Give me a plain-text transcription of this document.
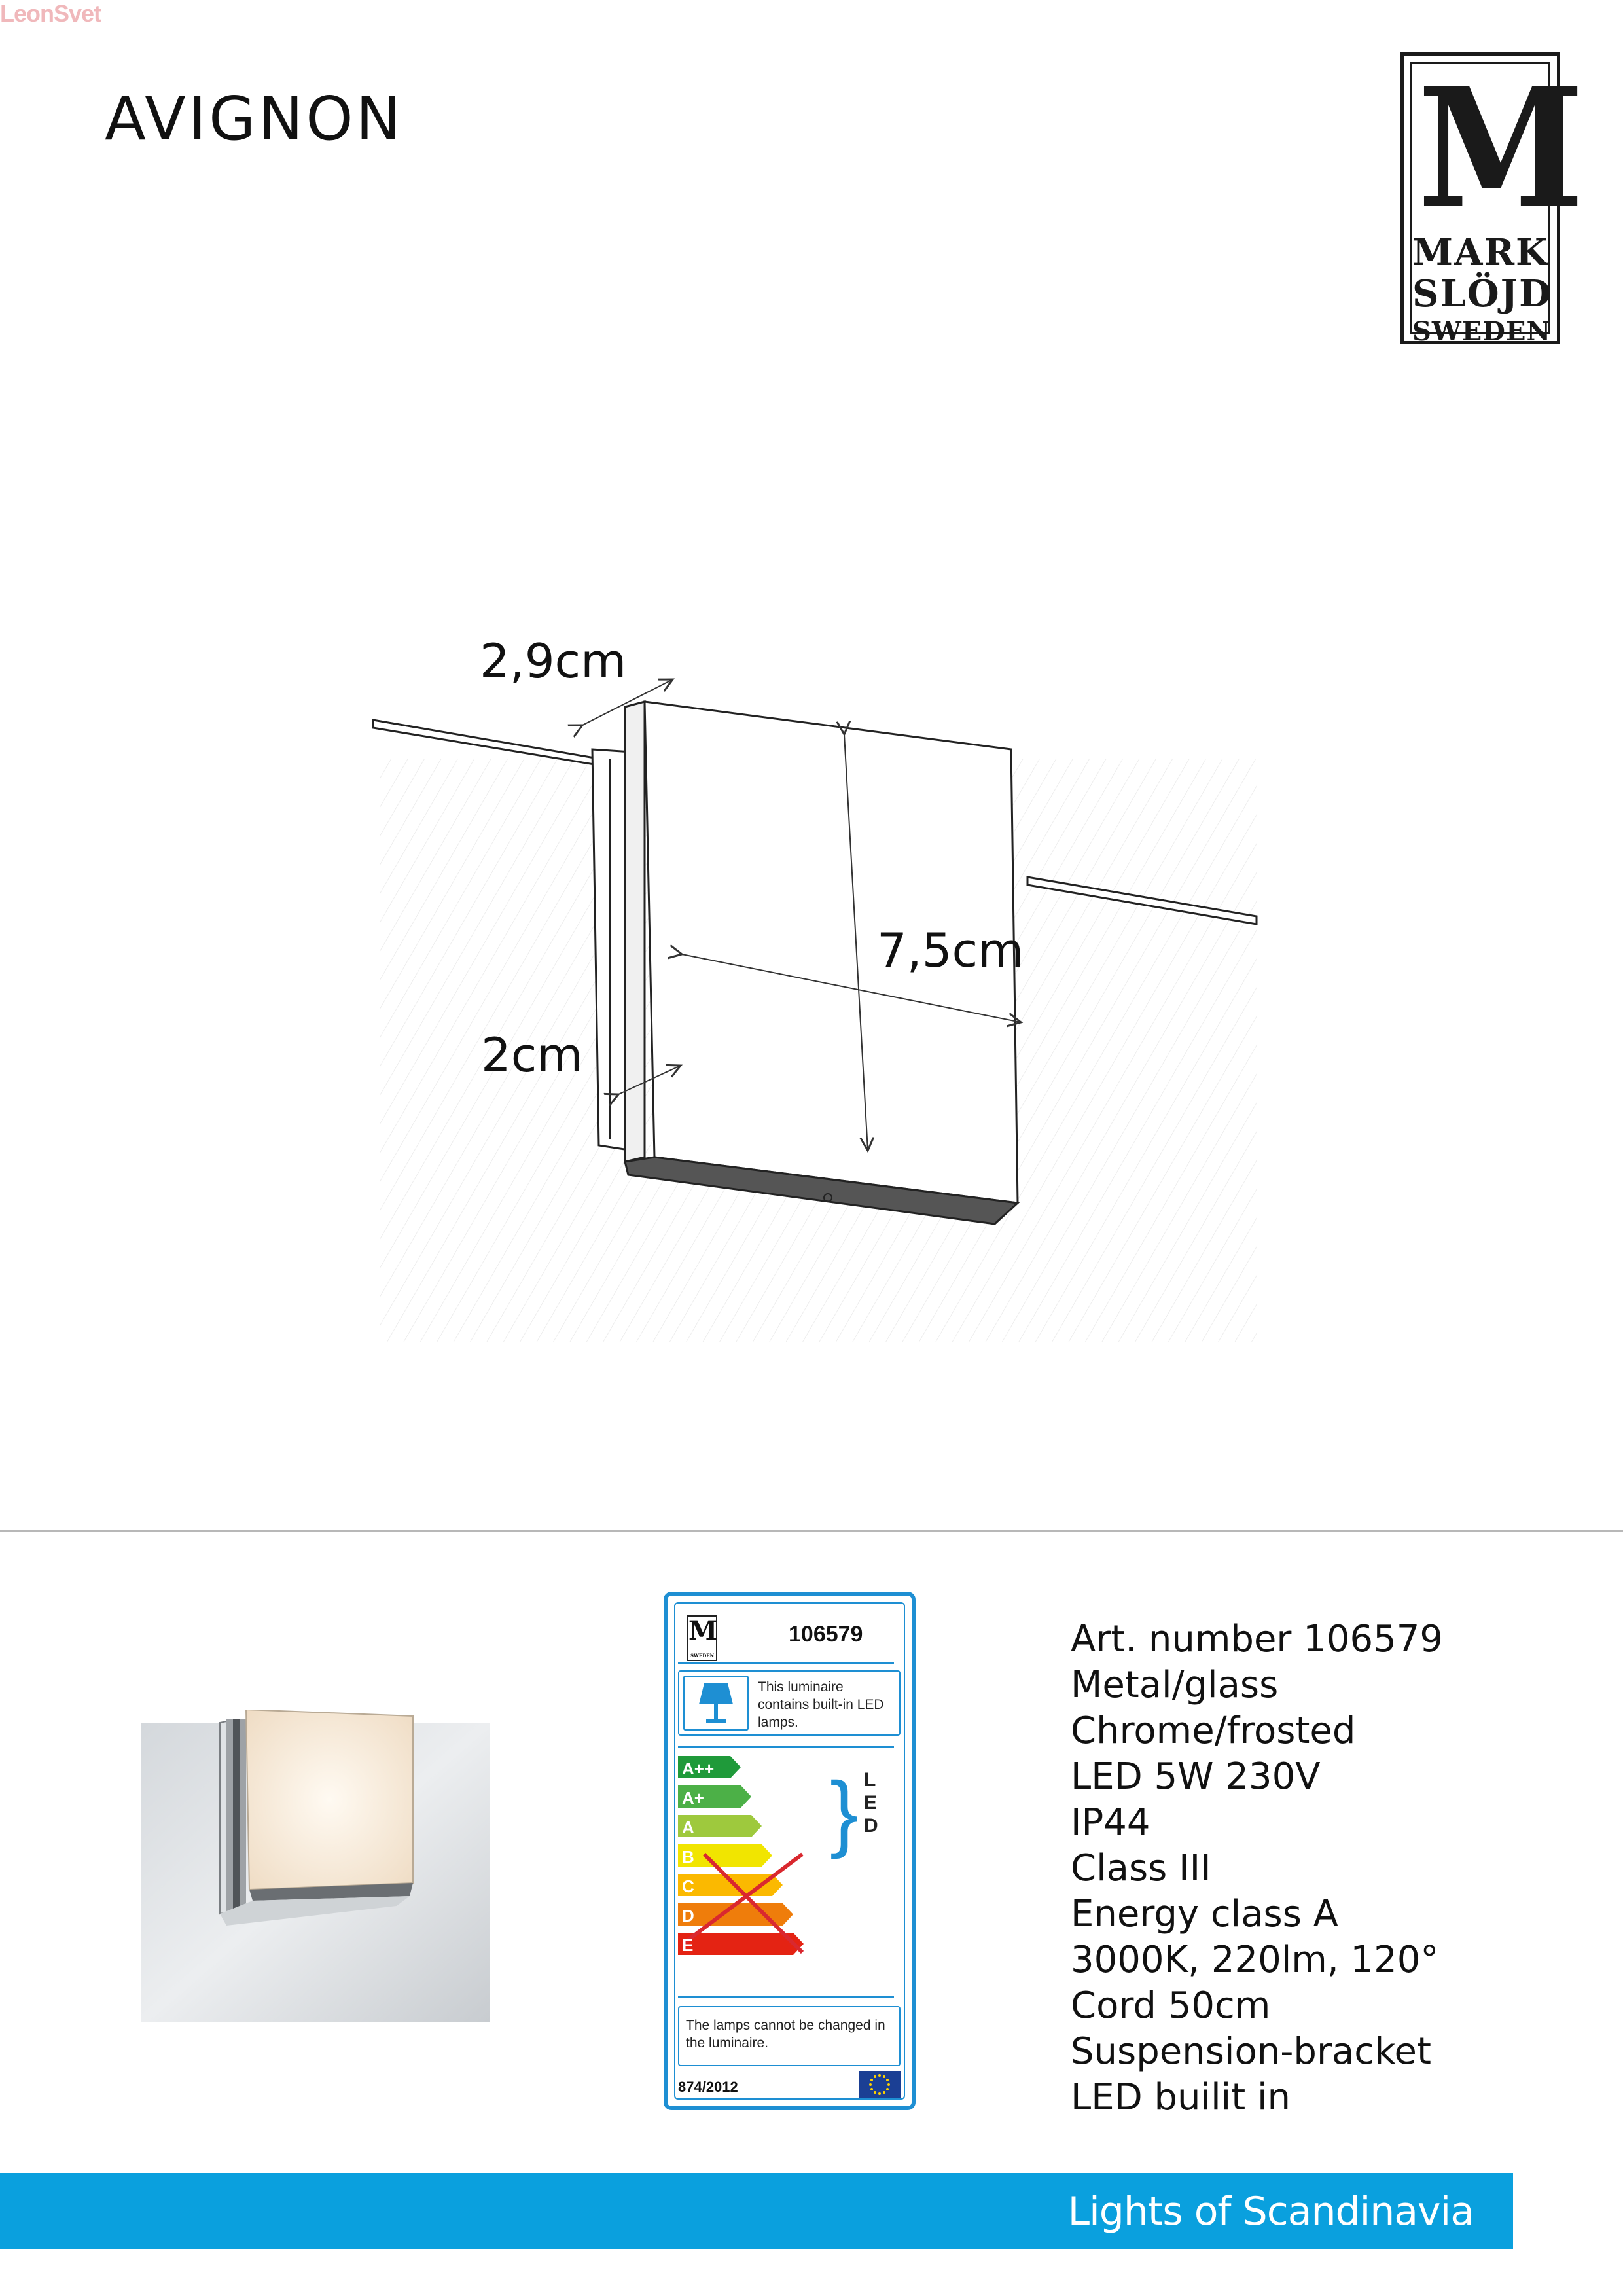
LeonSvet
AVIGNON	M
MARK
SLÖJD
SWEDEN
2,9cm
7,5cm
2cm
M
SWEDEN
106579
This luminaire contains built-in LED lamps.
A++
A+
A
B
C
D
E
} L
E
D
The lamps cannot be changed in the luminaire.
874/2012
Art. number 106579
Metal/glass
Chrome/frosted
LED 5W 230V
IP44
Class III
Energy class A
3000K, 220lm, 120°
Cord 50cm
Suspension-bracket
LED builit in
Lights of Scandinavia
